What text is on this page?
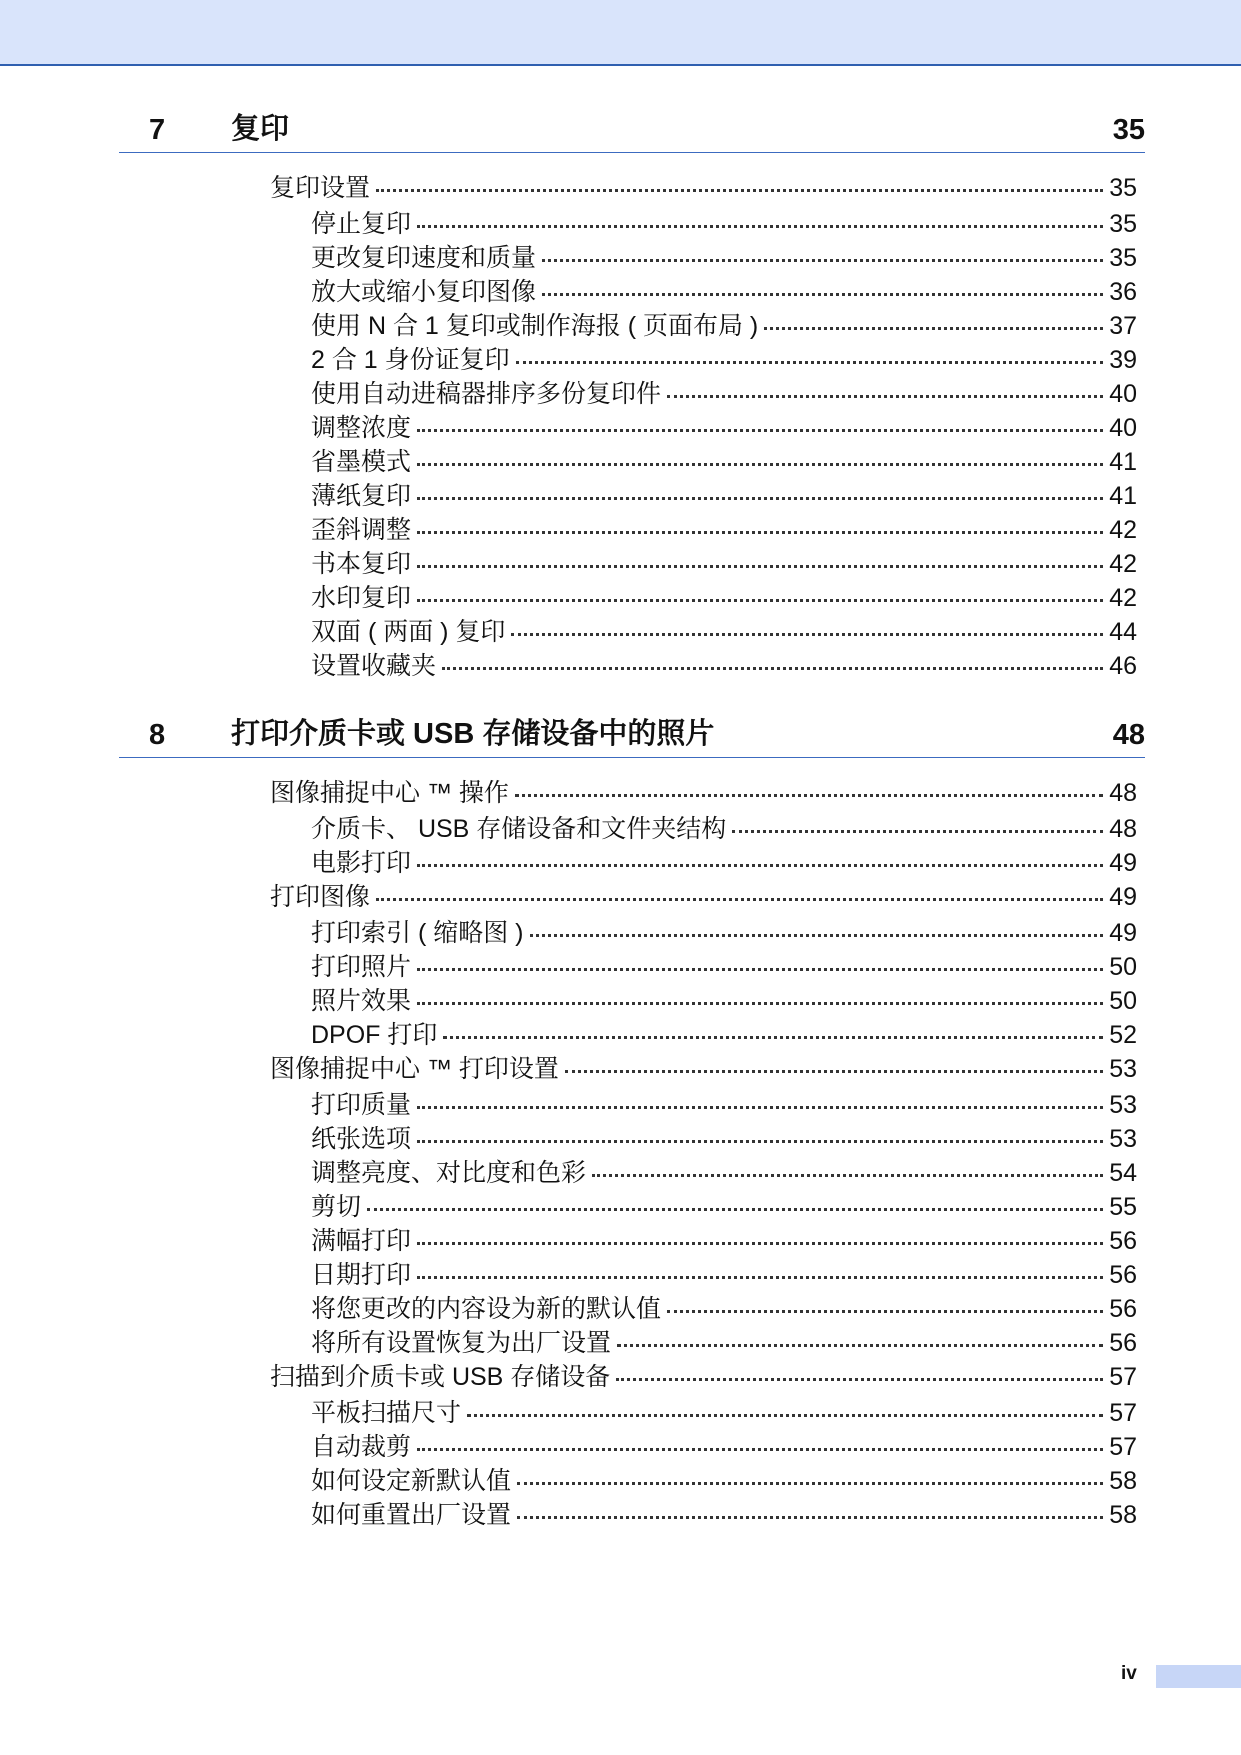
7 复印	35
复印设置	35
停止复印	35
更改复印速度和质量	35
放大或缩小复印图像	36
使用 N 合 1 复印或制作海报 ( 页面布局 )	37
2 合 1 身份证复印	39
使用自动进稿器排序多份复印件	40
调整浓度	40
省墨模式	41
薄纸复印	41
歪斜调整	42
书本复印	42
水印复印	42
双面 ( 两面 ) 复印	44
设置收藏夹	46
8 打印介质卡或 USB 存储设备中的照片	48
图像捕捉中心 ™ 操作	48
介质卡、 USB 存储设备和文件夹结构	48
电影打印	49
打印图像	49
打印索引 ( 缩略图 )	49
打印照片	50
照片效果	50
DPOF 打印	52
图像捕捉中心 ™ 打印设置	53
打印质量	53
纸张选项	53
调整亮度、对比度和色彩	54
剪切	55
满幅打印	56
日期打印	56
将您更改的内容设为新的默认值	56
将所有设置恢复为出厂设置	56
扫描到介质卡或 USB 存储设备	57
平板扫描尺寸	57
自动裁剪	57
如何设定新默认值	58
如何重置出厂设置	58
iv
